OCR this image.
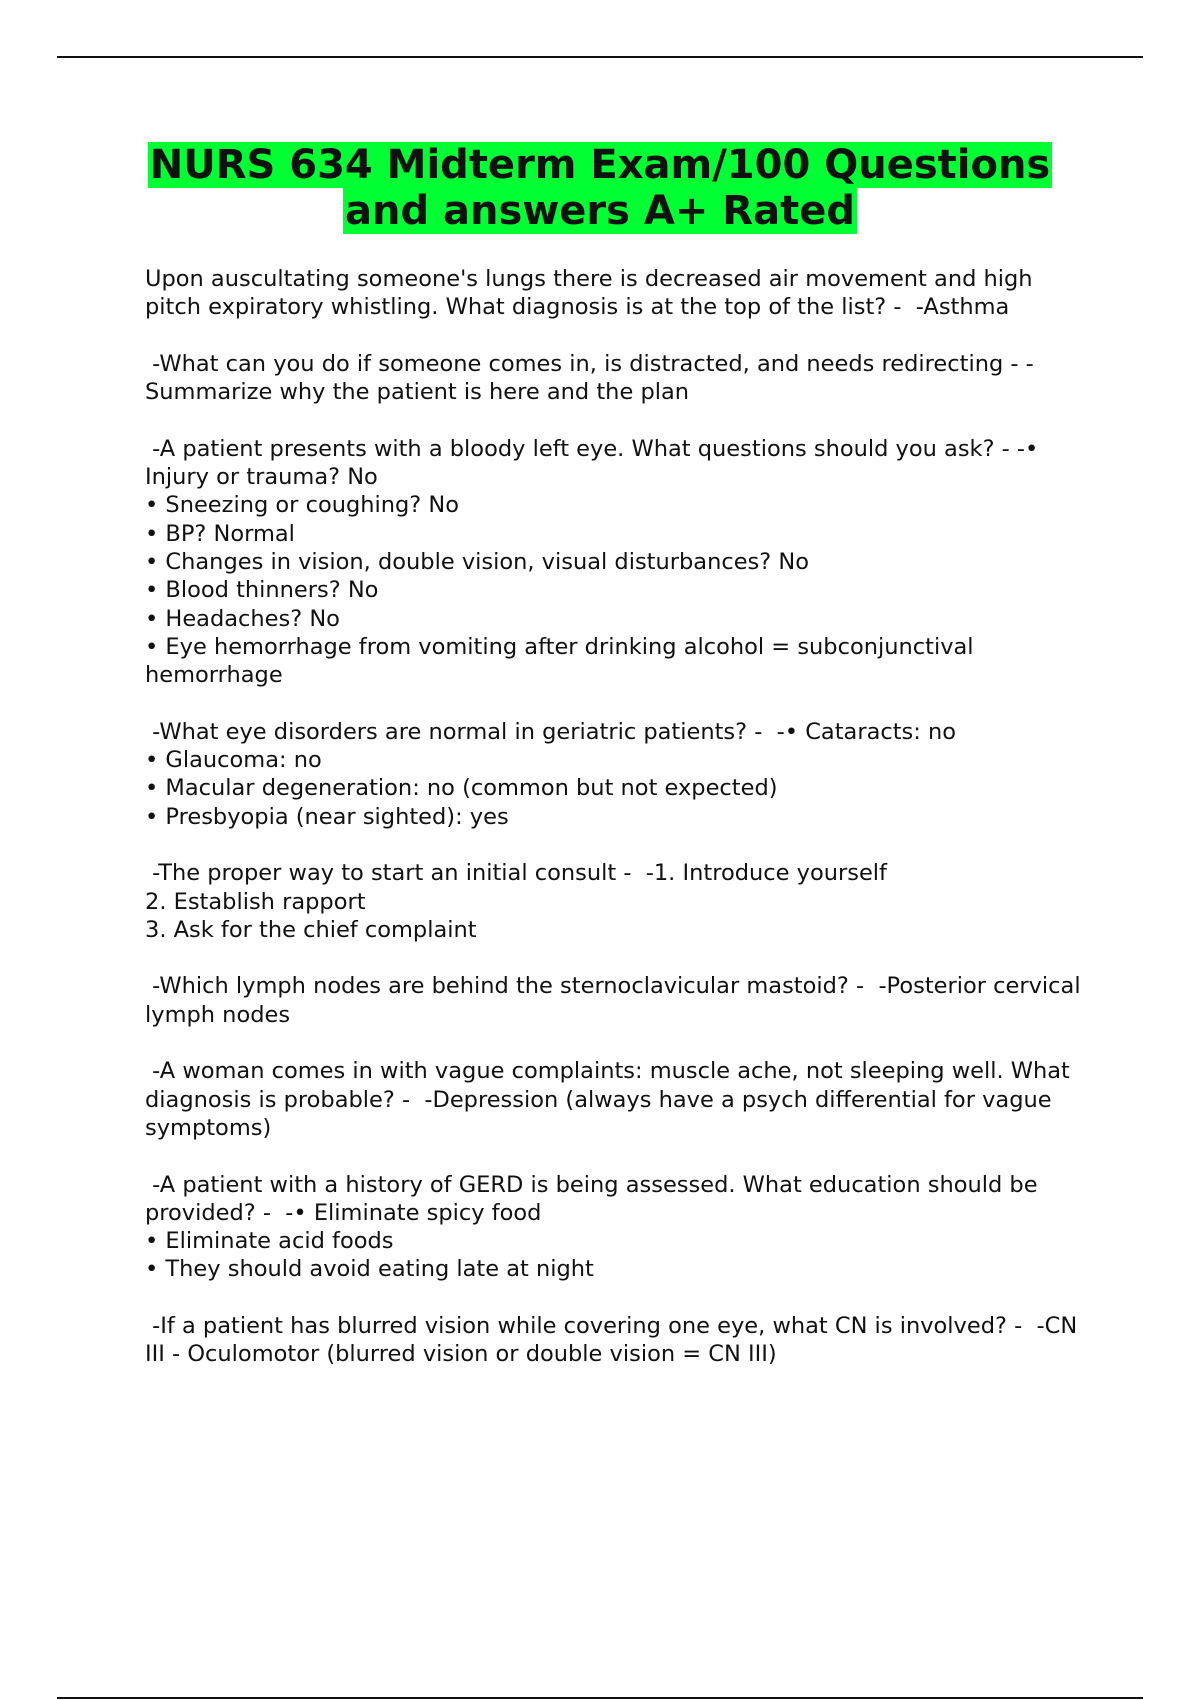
NURS 634 Midterm Exam/100 Questions
and answers A+ Rated

Upon auscultating someone's lungs there is decreased air movement and high pitch expiratory whistling. What diagnosis is at the top of the list? -  -Asthma

-What can you do if someone comes in, is distracted, and needs redirecting - -Summarize why the patient is here and the plan

-A patient presents with a bloody left eye. What questions should you ask? - -• Injury or trauma? No
• Sneezing or coughing? No
• BP? Normal
• Changes in vision, double vision, visual disturbances? No
• Blood thinners? No
• Headaches? No
• Eye hemorrhage from vomiting after drinking alcohol = subconjunctival hemorrhage

-What eye disorders are normal in geriatric patients? -  -• Cataracts: no
• Glaucoma: no
• Macular degeneration: no (common but not expected)
• Presbyopia (near sighted): yes

-The proper way to start an initial consult -  -1. Introduce yourself
2. Establish rapport
3. Ask for the chief complaint

-Which lymph nodes are behind the sternoclavicular mastoid? -  -Posterior cervical lymph nodes

-A woman comes in with vague complaints: muscle ache, not sleeping well. What diagnosis is probable? -  -Depression (always have a psych differential for vague symptoms)

-A patient with a history of GERD is being assessed. What education should be provided? -  -• Eliminate spicy food
• Eliminate acid foods
• They should avoid eating late at night

-If a patient has blurred vision while covering one eye, what CN is involved? -  -CN III - Oculomotor (blurred vision or double vision = CN III)
